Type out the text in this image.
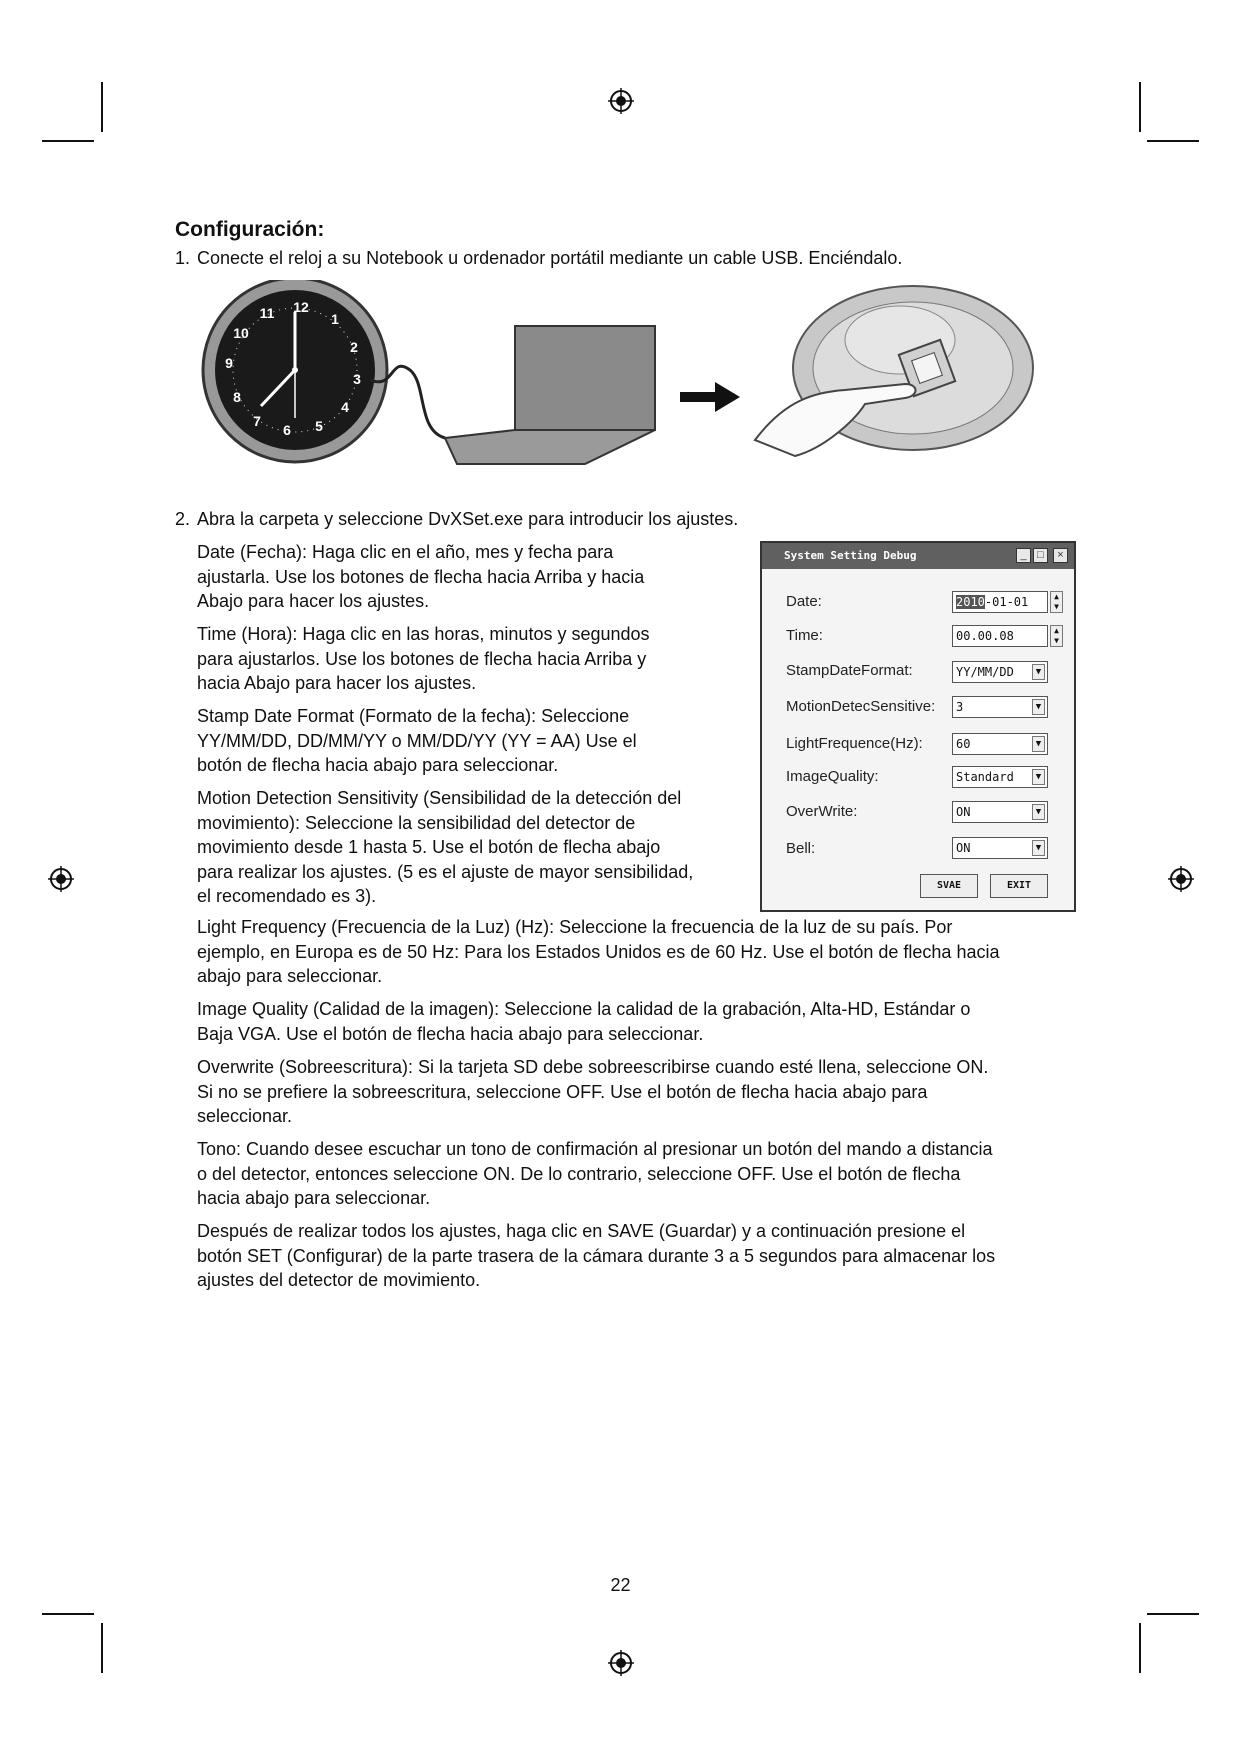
Configuración:

1. Conecte el reloj a su Notebook u ordenador portátil mediante un cable USB. Enciéndalo.

12
1
2
3
4
5
6
7
8
9
10
11

2. Abra la carpeta y seleccione DvXSet.exe para introducir los ajustes.

Date (Fecha): Haga clic en el año, mes y fecha para
ajustarla. Use los botones de flecha hacia Arriba y hacia
Abajo para hacer los ajustes.

Time (Hora): Haga clic en las horas, minutos y segundos
para ajustarlos. Use los botones de flecha hacia Arriba y
hacia Abajo para hacer los ajustes.

Stamp Date Format (Formato de la fecha): Seleccione
YY/MM/DD, DD/MM/YY o MM/DD/YY (YY = AA) Use el
botón de flecha hacia abajo para seleccionar.

Motion Detection Sensitivity (Sensibilidad de la detección del
movimiento): Seleccione la sensibilidad del detector de
movimiento desde 1 hasta 5. Use el botón de flecha abajo
para realizar los ajustes. (5 es el ajuste de mayor sensibilidad,
el recomendado es 3).

System Setting Debug	_ □	×
Date:	2010-01-01	▲
▼
Time:	00.00.08	▲
▼
StampDateFormat:	YY/MM/DD	▼
MotionDetecSensitive:	3	▼
LightFrequence(Hz):	60	▼
ImageQuality:	Standard	▼
OverWrite:	ON	▼
Bell:	ON	▼
SVAE	EXIT

Light Frequency (Frecuencia de la Luz) (Hz): Seleccione la frecuencia de la luz de su país. Por
ejemplo, en Europa es de 50 Hz: Para los Estados Unidos es de 60 Hz. Use el botón de flecha hacia
abajo para seleccionar.

Image Quality (Calidad de la imagen): Seleccione la calidad de la grabación, Alta-HD, Estándar o
Baja VGA. Use el botón de flecha hacia abajo para seleccionar.

Overwrite (Sobreescritura): Si la tarjeta SD debe sobreescribirse cuando esté llena, seleccione ON.
Si no se prefiere la sobreescritura, seleccione OFF. Use el botón de flecha hacia abajo para
seleccionar.

Tono: Cuando desee escuchar un tono de confirmación al presionar un botón del mando a distancia
o del detector, entonces seleccione ON. De lo contrario, seleccione OFF. Use el botón de flecha
hacia abajo para seleccionar.

Después de realizar todos los ajustes, haga clic en SAVE (Guardar) y a continuación presione el
botón SET (Configurar) de la parte trasera de la cámara durante 3 a 5 segundos para almacenar los
ajustes del detector de movimiento.

22
